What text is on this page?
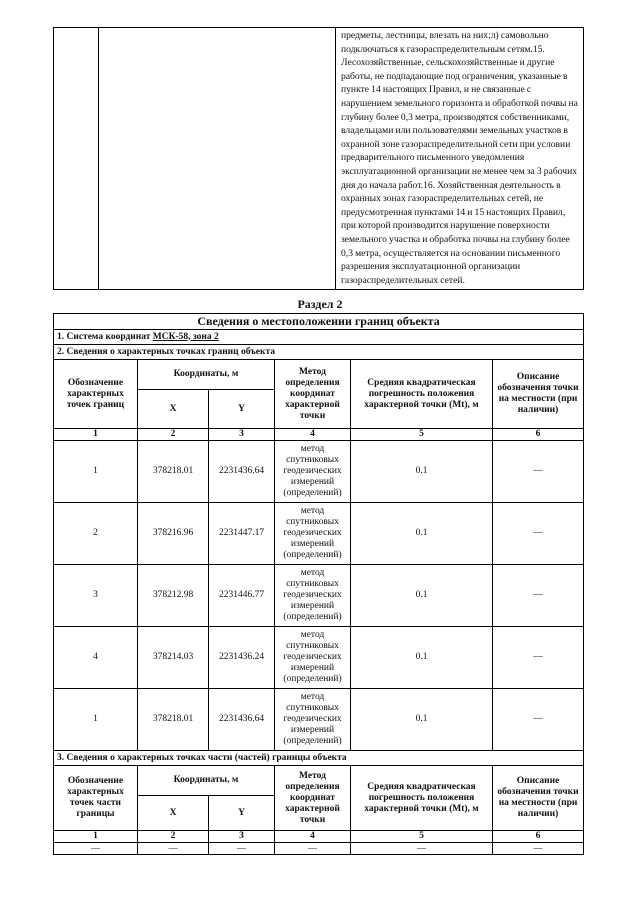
предметы, лестницы, влезать на них;л) самовольно подключаться к газораспределительным сетям.15. Лесохозяйственные, сельскохозяйственные и другие работы, не подпадающие под ограничения, указанные в пункте 14 настоящих Правил, и не связанные с нарушением земельного горизонта и обработкой почвы на глубину более 0,3 метра, производятся собственниками, владельцами или пользователями земельных участков в охранной зоне газораспределительной сети при условии предварительного письменного уведомления эксплуатационной организации не менее чем за 3 рабочих дня до начала работ.16. Хозяйственная деятельность в охранных зонах газораспределительных сетей, не предусмотренная пунктами 14 и 15 настоящих Правил, при которой производится нарушение поверхности земельного участка и обработка почвы на глубину более 0,3 метра, осуществляется на основании письменного разрешения эксплуатационной организации газораспределительных сетей.
Раздел 2
Сведения о местоположении границ объекта					
1. Система координат МСК-58, зона 2					
2. Сведения о характерных точках границ объекта					
Обозначение характерных точек границ	Координаты, м		Метод определения координат характерной точки	Средняя квадратическая погрешность положения характерной точки (Mt), м	Описание обозначения точки на местности (при наличии)
	X	Y			
1	2	3	4	5	6
1	378218.01	2231436.64	метод спутниковых геодезических измерений (определений)	0.1	—
2	378216.96	2231447.17	метод спутниковых геодезических измерений (определений)	0.1	—
3	378212.98	2231446.77	метод спутниковых геодезических измерений (определений)	0.1	—
4	378214.03	2231436.24	метод спутниковых геодезических измерений (определений)	0.1	—
1	378218.01	2231436.64	метод спутниковых геодезических измерений (определений)	0.1	—
3. Сведения о характерных точках части (частей) границы объекта					
Обозначение характерных точек части границы	Координаты, м		Метод определения координат характерной точки	Средняя квадратическая погрешность положения характерной точки (Mt), м	Описание обозначения точки на местности (при наличии)
	X	Y			
1	2	3	4	5	6
—	—	—	—	—	—
